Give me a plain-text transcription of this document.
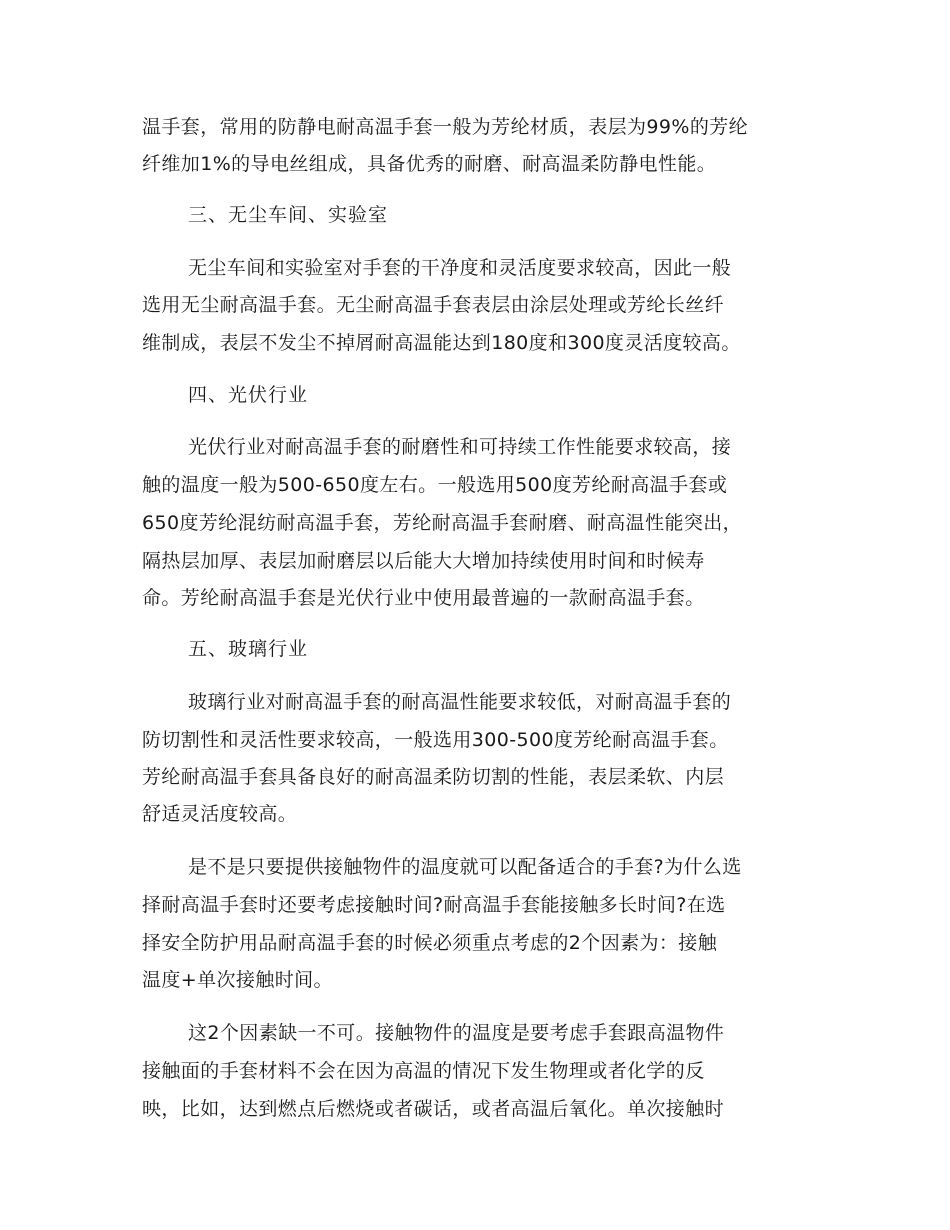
温手套，常用的防静电耐高温手套一般为芳纶材质，表层为99%的芳纶
纤维加1%的导电丝组成，具备优秀的耐磨、耐高温柔防静电性能。
三、无尘车间、实验室
无尘车间和实验室对手套的干净度和灵活度要求较高，因此一般
选用无尘耐高温手套。无尘耐高温手套表层由涂层处理或芳纶长丝纤
维制成，表层不发尘不掉屑耐高温能达到180度和300度灵活度较高。
四、光伏行业
光伏行业对耐高温手套的耐磨性和可持续工作性能要求较高，接
触的温度一般为500-650度左右。一般选用500度芳纶耐高温手套或
650度芳纶混纺耐高温手套，芳纶耐高温手套耐磨、耐高温性能突出，
隔热层加厚、表层加耐磨层以后能大大增加持续使用时间和时候寿
命。芳纶耐高温手套是光伏行业中使用最普遍的一款耐高温手套。
五、玻璃行业
玻璃行业对耐高温手套的耐高温性能要求较低，对耐高温手套的
防切割性和灵活性要求较高，一般选用300-500度芳纶耐高温手套。
芳纶耐高温手套具备良好的耐高温柔防切割的性能，表层柔软、内层
舒适灵活度较高。
是不是只要提供接触物件的温度就可以配备适合的手套?为什么选
择耐高温手套时还要考虑接触时间?耐高温手套能接触多长时间?在选
择安全防护用品耐高温手套的时候必须重点考虑的2个因素为：接触
温度+单次接触时间。
这2个因素缺一不可。接触物件的温度是要考虑手套跟高温物件
接触面的手套材料不会在因为高温的情况下发生物理或者化学的反
映，比如，达到燃点后燃烧或者碳话，或者高温后氧化。单次接触时
